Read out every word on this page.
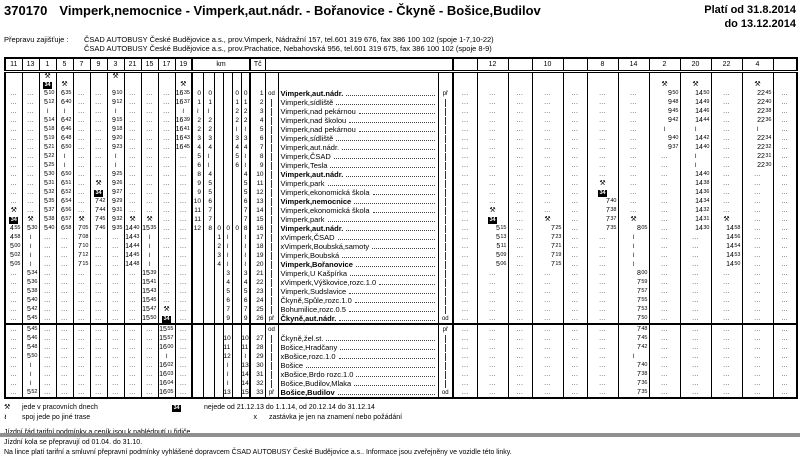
370170 Vimperk,nemocnice - Vimperk,aut.nádr. - Bořanovice - Čkyně - Bošice,Budilov	Platí od 31.8.2014
do 13.12.2014
Přepravu zajišťuje :	ČSAD AUTOBUSY České Budějovice a.s., prov.Vimperk, Nádražní 157, tel.601 319 676, fax 386 100 102 (spoje 1-7,10-22)
ČSAD AUTOBUSY České Budějovice a.s., prov.Prachatice, Nebahovská 956, tel.601 319 675, fax 386 100 102 (spoje 8-9)
11	13	1	5	7	9	3	21	15	17	19	km						Tč					12		10		8	14	2	20	22	4	
		⚒				⚒																										
		34	⚒							⚒																		⚒	⚒		⚒	
...	...	510	635	...	...	910	...	...	...	1635	0	0			0	0	1	od	Vimperk,aut.nádr.	př	...	...	...	...	...	...	...	950	1450	...	2245	...
...	...	512	640	...	...	912	...	...	...	1637	1	1			1	1	2		Vimperk,sídliště		...	...	...	...	...	...	...	948	1449	...	2240	...
...	...	≀	≀	...	...	≀	...	...	...	≀	≀	≀			2	2	3		Vimperk,nad pekárnou		...	...	...	...	...	...	...	945	1446	...	2238	...
...	...	514	642	...	...	915	...	...	...	1639	2	2			2	2	4		Vimperk,nad školou		...	...	...	...	...	...	...	942	1444	...	2236	...
...	...	518	646	...	...	918	...	...	...	1641	2	2			≀	≀	5		Vimperk,nad pekárnou		...	...	...	...	...	...	...	≀	≀	...	≀	...
...	...	519	648	...	...	920	...	...	...	1643	3	3			3	3	6		Vimperk,sídliště		...	...	...	...	...	...	...	940	1442	...	2234	...
...	...	521	650	...	...	923	...	...	...	1645	4	4			4	4	7		Vimperk,aut.nádr.		...	...	...	...	...	...	...	937	1440	...	2232	...
...	...	522	≀	...	...	≀	...	...	...	...	5	≀			5	≀	8		Vimperk,ČSAD		...	...	...	...	...	...	...	...	≀	...	2231	...
...	...	525	≀	...	...	≀	...	...	...	...	6	≀			6	≀	9		Vimperk,Tesla		...	...	...	...	...	...	...	...	≀	...	2230	...
...	...	530	650	...	...	925	...	...	...	...	8	4				4	10		Vimperk,aut.nádr.		...	...	...	...	...	...	...	...	1440	...	...	...
...	...	531	651	...	⚒	926	...	...	...	...	9	5				5	11		Vimperk,park		...	...	...	...	...	⚒	...	...	1438	...	...	...
...	...	532	652	...	34	927	...	...	...	...	9	5				5	12		Vimperk,ekonomická škola		...	...	...	...	...	34	...	...	1436	...	...	...
...	...	535	654	...	742	929	...	...	...	...	10	6				6	13		Vimperk,nemocnice		...	...	...	...	...	740	...	...	1434	...	...	...
⚒	...	537	656	...	744	931	...	...	...	...	11	7				7	14		Vimperk,ekonomická škola		...	⚒	...	...	...	738	...	...	1432	...	...	...
34	⚒	538	657	⚒	745	932	⚒	⚒	...	...	11	7				7	15		Vimperk,park		...	34	...	⚒	...	737	⚒	...	1431	⚒	...	...
455	530	540	658	705	746	935	1440	1535	...	...	12	8	0	0	0	8	16		Vimperk,aut.nádr.		...	515	...	725	...	735	805	...	1430	1458	...	...
458	≀	...	...	708	...	...	1443	≀	...	...			1	≀		≀	17		xVimperk,ČSAD		...	513	...	723	...	...	≀	...	...	1456	...	...
500	≀	...	...	710	...	...	1444	≀	...	...			2	≀		≀	18		xVimperk,Boubská,samoty		...	511	...	721	...	...	≀	...	...	1454	...	...
502	≀	...	...	712	...	...	1445	≀	...	...			3	≀		≀	19		Vimperk,Boubská		...	509	...	719	...	...	≀	...	...	1453	...	...
505	≀	...	...	715	...	...	1448	≀	...	...			4	≀		≀	20		Vimperk,Bořanovice		...	506	...	715	...	...	≀	...	...	1450	...	...
...	534	...	...	...	...	...	...	1539	...	...				3		3	21		Vimperk,U Kašpírka		...	...	...	...	...	...	800	...	...	...	...	...
...	536	...	...	...	...	...	...	1541	...	...				4		4	22		xVimperk,Výškovice,rozc.1.0		...	...	...	...	...	...	759	...	...	...	...	...
...	538	...	...	...	...	...	...	1543	...	...				5		5	23		Vimperk,Sudslavice		...	...	...	...	...	...	757	...	...	...	...	...
...	540	...	...	...	...	...	...	1545	...	...				6		6	24		Čkyně,Spůle,rozc.1.0		...	...	...	...	...	...	755	...	...	...	...	...
...	542	...	...	...	...	...	...	1547	⚒	...				7		7	25		Bohumilice,rozc.0.5		...	...	...	...	...	...	753	...	...	...	...	...
...	545	...	...	...	...	...	...	1550	34	...				9		9	26	př	Čkyně,aut.nádr.	od	...	...	...	...	...	...	750	...	...	...	...	...
...	545	...	...	...	...	...	...	...	1555	...								od		př	...	...	...	...	...	...	748	...	...	...	...	...
...	546	...	...	...	...	...	...	...	1557	...				10		10	27		Čkyně,žel.st.		...	...	...	...	...	...	745	...	...	...	...	...
...	548	...	...	...	...	...	...	...	1600	...				11		11	28		Bošice,Hradčany		...	...	...	...	...	...	742	...	...	...	...	...
...	550	...	...	...	...	...	...	...	≀	...				12		≀	29		xBošice,rozc.1.0		...	...	...	...	...	...	≀	...	...	...	...	...
...	≀	...	...	...	...	...	...	...	1602	...				≀		13	30		Bošice		...	...	...	...	...	...	740	...	...	...	...	...
...	≀	...	...	...	...	...	...	...	1603	...				≀		14	31		xBošice,Brdo rozc.1.0		...	...	...	...	...	...	738	...	...	...	...	...
...	≀	...	...	...	...	...	...	...	1604	...				≀		14	32		Bošice,Budilov,Mlaka		...	...	...	...	...	...	736	...	...	...	...	...
...	552	...	...	...	...	...	...	...	1605	...				13		15	33	př	Bošice,Budilov	od	...	...	...	...	...	...	735	...	...	...	...	...
⚒	jede v pracovních dnech	34	nejede od 21.12.13 do 1.1.14, od 20.12.14 do 31.12.14
≀	spoj jede po jiné trase	x	zastávka je jen na znamení nebo požádání
Jízdní kola se přepravují od 01.04. do 31.10.
Na lince platí tarifní a smluvní přepravní podmínky vyhlášené dopravcem ČSAD AUTOBUSY České Budějovice a.s.. Informace jsou zveřejněny ve vozidle této linky.
